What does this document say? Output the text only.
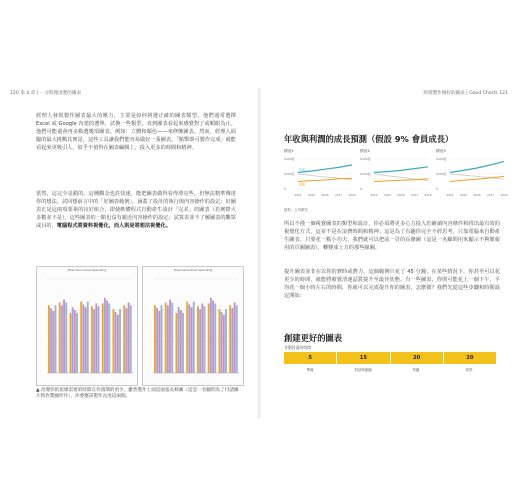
120 第 4 章 | 一分時理清楚的圖表

經理人發現製作圖表最大的壓力，主要是如何挑選正確的圖表類型，他們通常選擇 Excel 或 Google 內建的選單，試換一些類型，直到圖表看起來感覺對了或順眼為止。他們可能還會再多點選幾項圖表，例如：立體和顏色——來修飾圖表。然而，經理人面臨的最大挑戰其實是，這些工具讓我們能容易做好一張圖表，「點擊即可製作完成」就能看起來更吸引人，似乎不值得在圖表編輯上，投入更多的時間和精神。

當然，這完全是錯的。這種觀念也許快速，能把圖表做得看得漂亮些，但無法精準傳達你的想法。試回想前言中的「好圖表範例」，涵蓋了設計的執行與內容操作的設定；好圖表正是這兩項要素的良好組合，即使軟體程式自動產生設計「完美」的圖表（若實際大多數並不是），這些圖表的一點也沒有親近內容操作的設定；試算表並不了解圖表的觀眾或目的，電腦程式將資料視覺化，而人則是將想法視覺化。

Pharmaceutical Spending	Pharmaceutical Spending
▲ 改變你的思維需要的時間在你預期的更少，雖然製作上面這兩張長條圖（這是一名顧問為了付諸圖片時作製圖所作），你要應該製作長度這兩個。
經理製作個好的圖表 | Good Charts 121
年收與利潤的成長預測（假設 9% 會員成長）
情況1
$400億
$200億
0
2014 2015 2016 2017 2018
年收
利潤
情況2
$400億
$200億
0
2014 2015 2016 2017 2018
情況3
$400億
$200億
0
2014 2015 2016 2017 2018
資料：公司研究

所以不僅一個視覺圖表的類型和設計，你必須將更多心力投入於繪讀內容條件和找出最有效的視覺化方式，這並不是在浪費時間和精神；這是為了有趣你完全不經思考，只靠電腦來自動產生圖表。只要花一點小功夫，我們就可以把前一頁的長條圖（這是一名顧問用來顯示不夠簡報用的頁圖圖表），轉變成上方的那些線圖。

提升圖表並非在以你的費時或費力，這個範例只花了 45 分鐘；在某些情況下，你甚至可以花更少的時間，就能將被覺清速晶質提升至最佳狀態。有一些圖表，你則可能花上一個下午，平均花一個小時左右的時間，你就可以完成提升你的圖表，怎麼做？我們先從這些步驟和時間設定開始：

創建更好的圖表
各階段需的時間
5	15	20	20
準備	對話與繪圖	草圖	原型
